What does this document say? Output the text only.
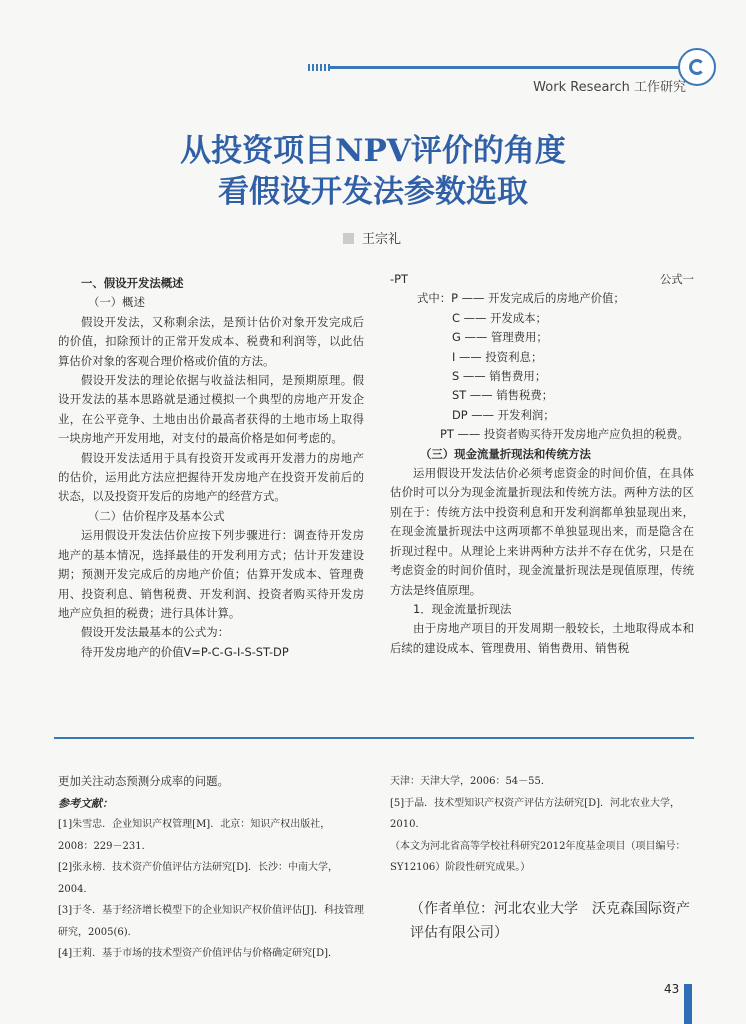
Work Research 工作研究
从投资项目NPV评价的角度
看假设开发法参数选取
王宗礼

一、假设开发法概述

（一）概述

假设开发法，又称剩余法，是预计估价对象开发完成后的价值，扣除预计的正常开发成本、税费和利润等，以此估算估价对象的客观合理价格或价值的方法。

假设开发法的理论依据与收益法相同，是预期原理。假设开发法的基本思路就是通过模拟一个典型的房地产开发企业，在公平竞争、土地由出价最高者获得的土地市场上取得一块房地产开发用地，对支付的最高价格是如何考虑的。

假设开发法适用于具有投资开发或再开发潜力的房地产的估价，运用此方法应把握待开发房地产在投资开发前后的状态，以及投资开发后的房地产的经营方式。

（二）估价程序及基本公式

运用假设开发法估价应按下列步骤进行：调查待开发房地产的基本情况，选择最佳的开发利用方式；估计开发建设期；预测开发完成后的房地产价值；估算开发成本、管理费用、投资利息、销售税费、开发利润、投资者购买待开发房地产应负担的税费；进行具体计算。

假设开发法最基本的公式为：

待开发房地产的价值V=P-C-G-I-S-ST-DP

-PT	公式一

式中：P —— 开发完成后的房地产价值；

C —— 开发成本；

G —— 管理费用；

I —— 投资利息；

S —— 销售费用；

ST —— 销售税费；

DP —— 开发利润；

PT —— 投资者购买待开发房地产应负担的税费。

（三）现金流量折现法和传统方法

运用假设开发法估价必须考虑资金的时间价值，在具体估价时可以分为现金流量折现法和传统方法。两种方法的区别在于：传统方法中投资利息和开发利润都单独显现出来，在现金流量折现法中这两项都不单独显现出来，而是隐含在折现过程中。从理论上来讲两种方法并不存在优劣，只是在考虑资金的时间价值时，现金流量折现法是现值原理，传统方法是终值原理。

1．现金流量折现法

由于房地产项目的开发周期一般较长，土地取得成本和后续的建设成本、管理费用、销售费用、销售税

更加关注动态预测分成率的问题。

参考文献：

[1]朱雪忠．企业知识产权管理[M]．北京：知识产权出版社，2008：229－231．

[2]张永榜．技术资产价值评估方法研究[D]．长沙：中南大学，2004．

[3]于冬．基于经济增长模型下的企业知识产权价值评估[J]．科技管理研究，2005(6)．

[4]王莉．基于市场的技术型资产价值评估与价格确定研究[D]．

天津：天津大学，2006：54－55．

[5]于晶．技术型知识产权资产评估方法研究[D]．河北农业大学，2010．

（本文为河北省高等学校社科研究2012年度基金项目（项目编号：SY12106）阶段性研究成果。）

（作者单位：河北农业大学　沃克森国际资产评估有限公司）

43
